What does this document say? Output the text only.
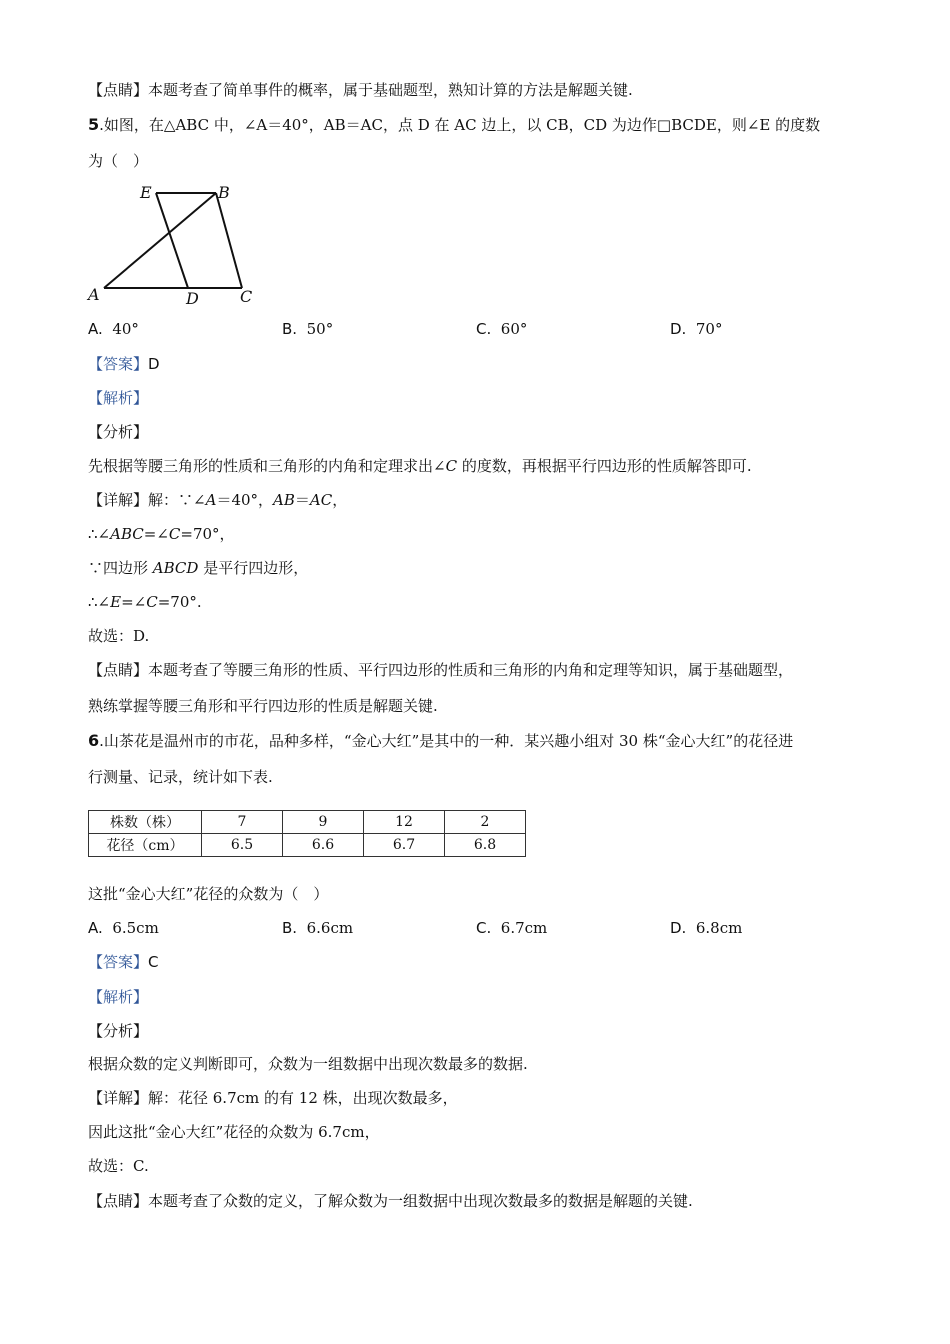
【点睛】本题考查了简单事件的概率，属于基础题型，熟知计算的方法是解题关键.
5.如图，在△ABC 中，∠A＝40°，AB＝AC，点 D 在 AC 边上，以 CB，CD 为边作□BCDE，则∠E 的度数
为（　）
E	B
A	D	C
A. 40°	B. 50°	C. 60°	D. 70°
【答案】D
【解析】
【分析】
先根据等腰三角形的性质和三角形的内角和定理求出∠C 的度数，再根据平行四边形的性质解答即可.
【详解】解：∵∠A＝40°，AB＝AC，
∴∠ABC=∠C=70°，
∵四边形 ABCD 是平行四边形，
∴∠E=∠C=70°.
故选：D.
【点睛】本题考查了等腰三角形的性质、平行四边形的性质和三角形的内角和定理等知识，属于基础题型，
熟练掌握等腰三角形和平行四边形的性质是解题关键.
6.山茶花是温州市的市花，品种多样，“金心大红”是其中的一种．某兴趣小组对 30 株“金心大红”的花径进
行测量、记录，统计如下表.
株数（株）	7	9	12	2
花径（cm）	6.5	6.6	6.7	6.8
这批“金心大红”花径的众数为（　）
A. 6.5cm	B. 6.6cm	C. 6.7cm	D. 6.8cm
【答案】C
【解析】
【分析】
根据众数的定义判断即可，众数为一组数据中出现次数最多的数据.
【详解】解：花径 6.7cm 的有 12 株，出现次数最多，
因此这批“金心大红”花径的众数为 6.7cm，
故选：C.
【点睛】本题考查了众数的定义，了解众数为一组数据中出现次数最多的数据是解题的关键.
